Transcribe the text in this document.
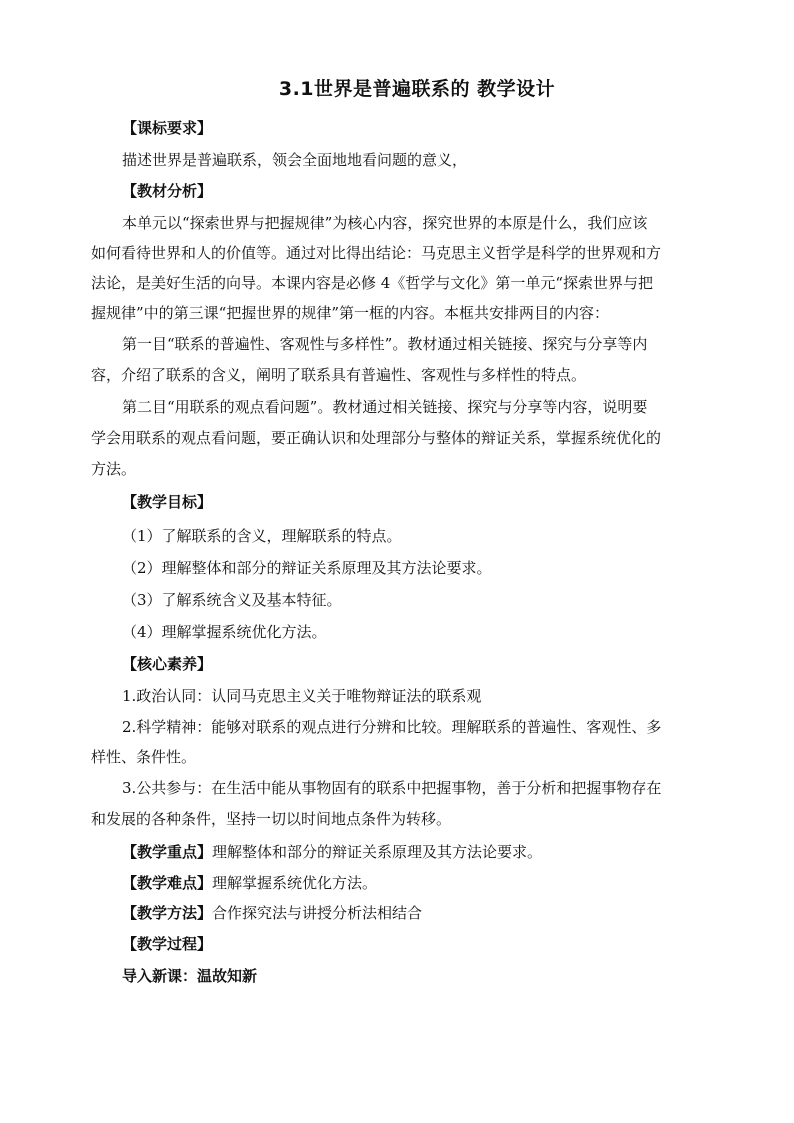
3.1世界是普遍联系的 教学设计
【课标要求】
描述世界是普遍联系，领会全面地地看问题的意义，
【教材分析】
本单元以“探索世界与把握规律”为核心内容，探究世界的本原是什么，我们应该
如何看待世界和人的价值等。通过对比得出结论：马克思主义哲学是科学的世界观和方
法论，是美好生活的向导。本课内容是必修 4《哲学与文化》第一单元“探索世界与把
握规律”中的第三课“把握世界的规律”第一框的内容。本框共安排两目的内容：
第一目“联系的普遍性、客观性与多样性”。教材通过相关链接、探究与分享等内
容，介绍了联系的含义，阐明了联系具有普遍性、客观性与多样性的特点。
第二目“用联系的观点看问题”。教材通过相关链接、探究与分享等内容，说明要
学会用联系的观点看问题，要正确认识和处理部分与整体的辩证关系，掌握系统优化的
方法。
【教学目标】
（1）了解联系的含义，理解联系的特点。
（2）理解整体和部分的辩证关系原理及其方法论要求。
（3）了解系统含义及基本特征。
（4）理解掌握系统优化方法。
【核心素养】
1.政治认同：认同马克思主义关于唯物辩证法的联系观
2.科学精神：能够对联系的观点进行分辨和比较。理解联系的普遍性、客观性、多
样性、条件性。
3.公共参与：在生活中能从事物固有的联系中把握事物，善于分析和把握事物存在
和发展的各种条件，坚持一切以时间地点条件为转移。
【教学重点】理解整体和部分的辩证关系原理及其方法论要求。
【教学难点】理解掌握系统优化方法。
【教学方法】合作探究法与讲授分析法相结合
【教学过程】
导入新课：温故知新
